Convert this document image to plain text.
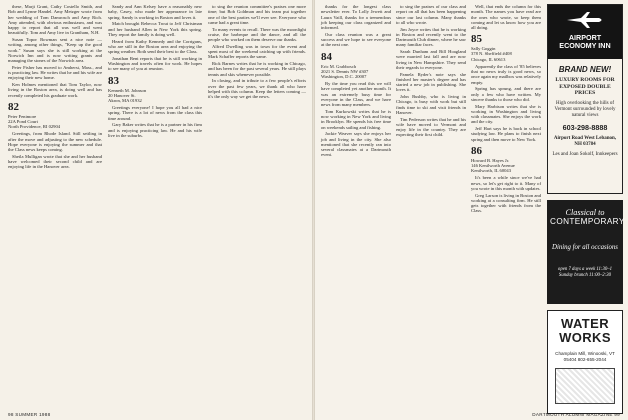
these, Marji Grant, Cathy Costello Smith, and Bob and Lynne Handel. Amy Metzger wrote from her wedding of Tom Damrosch and Amy Rich. Amy attended, with obvious enthusiasm, and was happy to report that all was well and went beautifully. Tom and Amy live in Grantham, N.H.

Susan Topor Bowman sent a nice note — writing, among other things, "Keep up the good work." Susan says she is still working at the Norwich Inn and is now writing grants and managing the stones of the Norwich area.

Peter Fisher has moved to Amherst, Mass., and is practicing law. He writes that he and his wife are enjoying their new home.

Ken Holmes mentioned that Tom Taylor, now living in the Boston area, is doing well and has recently completed his graduate work.

82
Peter Fenimore
22A Pond Court
North Providence, RI 02904

Greetings, from Rhode Island. Still settling in after the move and adjusting to the new schedule. Hope everyone is enjoying the summer and that the Class news keeps coming.

Sheila Mulligan wrote that she and her husband have welcomed their second child and are enjoying life in the Hanover area.

Sandy and Ann Kelsey have a reasonably new baby, Casey, who made her appearance in late spring. Sandy is working in Boston and loves it.

Match brought Rebecca Trout to Jeff Christman and her husband Allen in New York this spring. They report the family is doing well.

Heard from Kathy Kennedy and the Corrigans, who are still in the Boston area and enjoying the spring weather. Both send their best to the Class.

Jonathan Bent reports that he is still working in Washington and travels often for work. He hopes to see many of you at reunion.

83
Kenneth M. Johnson
20 Hanover St.
Akron, MA 01932

Greetings everyone! I hope you all had a nice spring. There is a lot of news from the class this time around.

Gary Baker writes that he is a partner in his firm and is enjoying practicing law. He and his wife live in the suburbs.

to sing the reunion committee's praises one more time; but Bob Goldman and his team put together one of the best parties we'll ever see. Everyone who came had a great time.

To many events to recall. There was the moonlight cruise, the barbeque and the dance, and all the people who worked on them deserve our thanks.

Alfred Dwelling was in town for the event and spent most of the weekend catching up with friends. Mark Schaffer reports the same.

Rick Barnes writes that he is working in Chicago, and has been for the past several years. He still plays tennis and skis whenever possible.

In closing, and in tribute to a few people's efforts over the past few years, we thank all who have helped with this column. Keep the letters coming — it's the only way we get the news.

98 SUMMER 1988

thanks for the longest class newsletter ever. To Lolly Jewett and Laura Vaill, thanks for a tremendous job keeping our class organized and informed.

Our class reunion was a great success and we hope to see everyone at the next one.

84
Eric M. Grabbosch
2021 S. Dennis NW #307
Washington, D.C. 20007

By the time you read this we will have completed yet another month. It was an extremely busy time for everyone in the Class, and we have news from many members.

Tom Kurkowski writes that he is now working in New York and living in Brooklyn. He spends his free time on weekends sailing and fishing.

Jackie Weaver says she enjoys her job and living in the city. She also mentioned that she recently ran into several classmates at a Dartmouth event.

to sing the praises of our class and report on all that has been happening since our last column. Many thanks to all who wrote.

Jim Joyce writes that he is working in Boston and recently went to the Dartmouth Club dinner, where he saw many familiar faces.

Sarah Dunham and Bill Hoagland were married last fall and are now living in New Hampshire. They send their regards to everyone.

Pamela Ryder's note says she finished her master's degree and has started a new job in publishing. She loves it.

John Bushby, who is living in Chicago, is busy with work but still finds time to ski and visit friends in Hanover.

Tim Pederson writes that he and his wife have moved to Vermont and enjoy life in the country. They are expecting their first child.

Well, that ends the column for this month. The names you have read are the ones who wrote, so keep them coming and let us know how you are all doing.

85
Sally Goggin
378 N. Sheffield #408
Chicago, IL 60613

Apparently the class of '85 believes that no news truly is good news, so once again my mailbox was relatively empty.

Spring has sprung, and there are only a few who have written. My sincere thanks to those who did.

Mary Harbison writes that she is working in Washington and living with classmates. She enjoys the work and the city.

Jeff Hart says he is back in school studying law. He plans to finish next spring and then move to New York.

86
Howard B. Hayes Jr.
146 Kenilworth Avenue
Kenilworth, IL 60043

It's been a while since we've had news, so let's get right to it. Many of you wrote in this month with updates.

Greg Larson is living in Boston and working at a consulting firm. He still gets together with friends from the Class.

AIRPORT
ECONOMY INN
BRAND NEW!
LUXURY ROOMS FOR EXPOSED DOUBLE PRICES
High overlooking the hills of Vermont surrounded by lovely natural views
603-298-8888
Airport Road West Lebanon, NH 03784
Les and Joan Sokolf, Innkeepers
Classical to
CONTEMPORARY
Dining for all occasions
open 7 days a week 11:30–1
Sunday brunch 11:00–2:30
WATER WORKS
Champlain Mill, Winooski, VT 05404 802-655-2044
DARTMOUTH ALUMNI MAGAZINE 99
